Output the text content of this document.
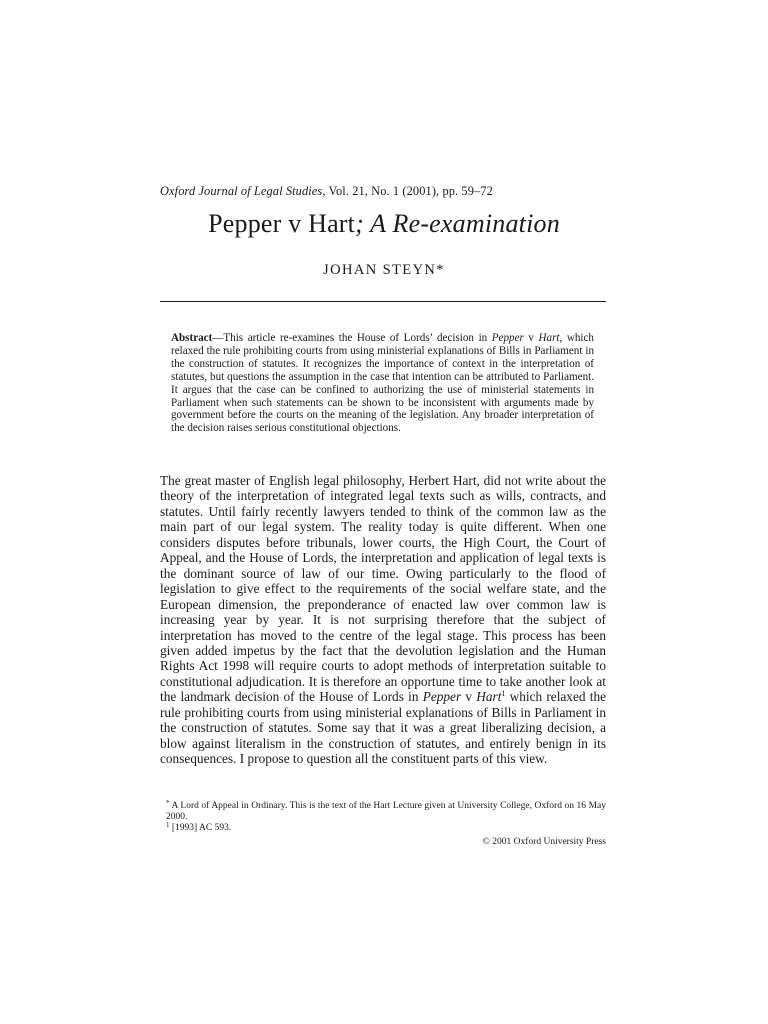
Oxford Journal of Legal Studies, Vol. 21, No. 1 (2001), pp. 59–72
Pepper v Hart; A Re-examination
JOHAN STEYN*
Abstract—This article re-examines the House of Lords’ decision in Pepper v Hart, which relaxed the rule prohibiting courts from using ministerial explanations of Bills in Parliament in the construction of statutes. It recognizes the importance of context in the interpretation of statutes, but questions the assumption in the case that intention can be attributed to Parliament. It argues that the case can be confined to authorizing the use of ministerial statements in Parliament when such statements can be shown to be inconsistent with arguments made by government before the courts on the meaning of the legislation. Any broader interpretation of the decision raises serious constitutional objections.
The great master of English legal philosophy, Herbert Hart, did not write about the theory of the interpretation of integrated legal texts such as wills, contracts, and statutes. Until fairly recently lawyers tended to think of the common law as the main part of our legal system. The reality today is quite different. When one considers disputes before tribunals, lower courts, the High Court, the Court of Appeal, and the House of Lords, the interpretation and application of legal texts is the dominant source of law of our time. Owing particularly to the flood of legislation to give effect to the requirements of the social welfare state, and the European dimension, the preponderance of enacted law over common law is increasing year by year. It is not surprising therefore that the subject of interpretation has moved to the centre of the legal stage. This process has been given added impetus by the fact that the devolution legislation and the Human Rights Act 1998 will require courts to adopt methods of interpretation suitable to constitutional adjudication. It is therefore an opportune time to take another look at the landmark decision of the House of Lords in Pepper v Hart$^1$ which relaxed the rule prohibiting courts from using ministerial explanations of Bills in Parliament in the construction of statutes. Some say that it was a great liberalizing decision, a blow against literalism in the construction of statutes, and entirely benign in its consequences. I propose to question all the constituent parts of this view.
* A Lord of Appeal in Ordinary. This is the text of the Hart Lecture given at University College, Oxford on 16 May 2000.
$^1$ [1993] AC 593.
© 2001 Oxford University Press
